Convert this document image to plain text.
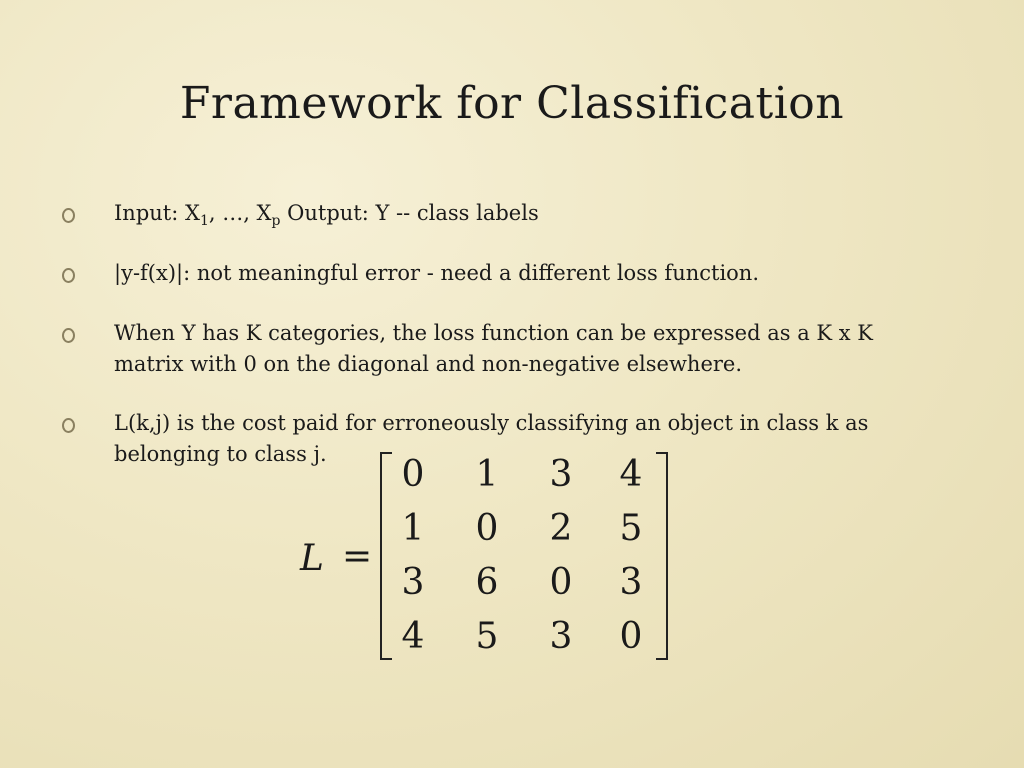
Framework for Classification
Input: $X_1$, …, $X_p$ Output: Y -- class labels
|y-f(x)|: not meaningful error - need a different loss function.
When Y has K categories, the loss function can be expressed as a K x K matrix with 0 on the diagonal and non-negative elsewhere.
L(k,j) is the cost paid for erroneously classifying an object in class k as belonging to class j.
L =
0	1	3	4
1	0	2	5
3	6	0	3
4	5	3	0
